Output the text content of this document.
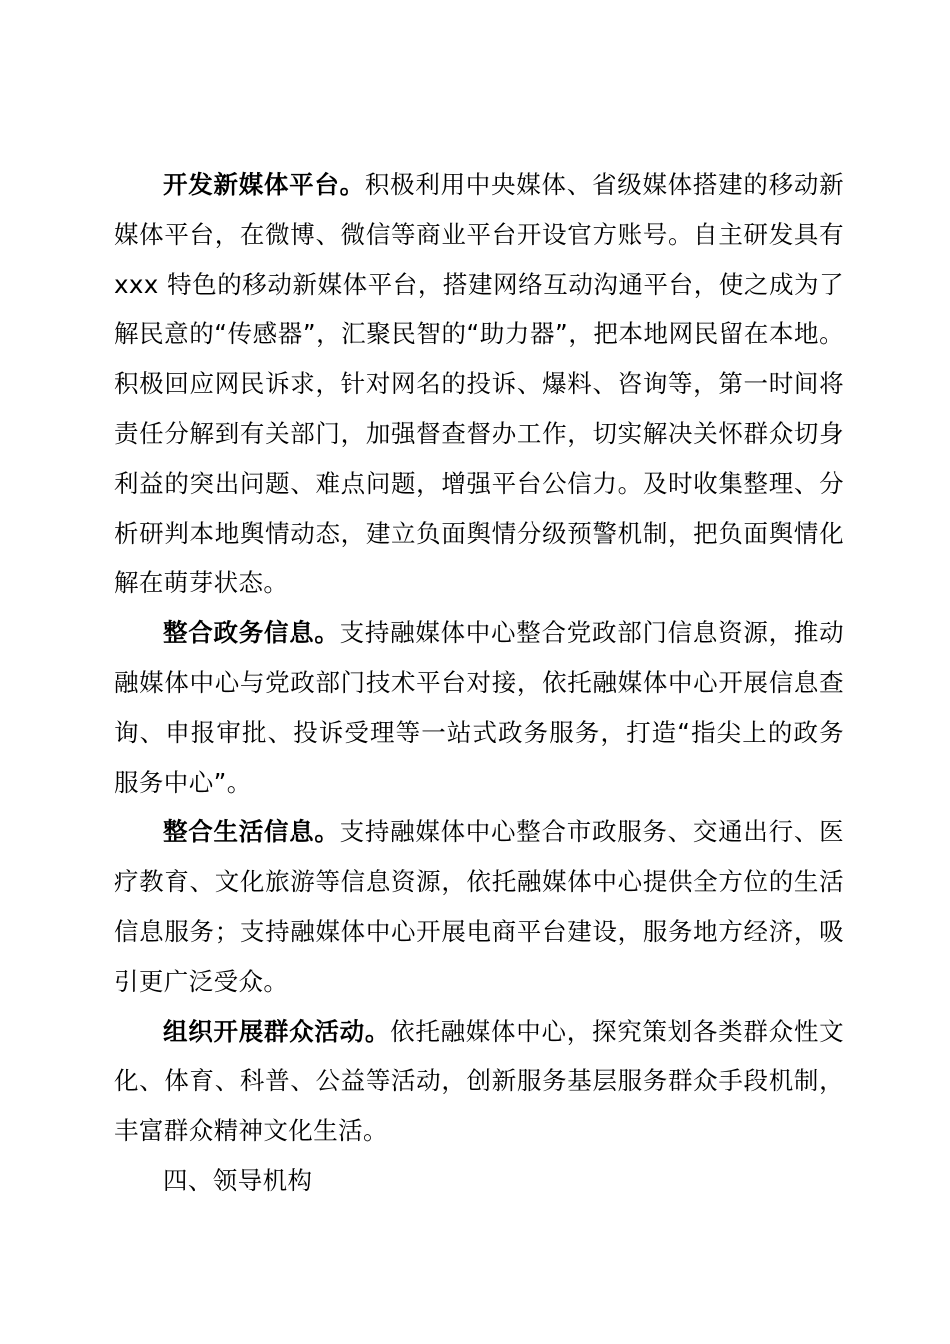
开发新媒体平台。积极利用中央媒体、省级媒体搭建的移动新媒体平台，在微博、微信等商业平台开设官方账号。自主研发具有 xxx 特色的移动新媒体平台，搭建网络互动沟通平台，使之成为了解民意的“传感器”，汇聚民智的“助力器”，把本地网民留在本地。积极回应网民诉求，针对网名的投诉、爆料、咨询等，第一时间将责任分解到有关部门，加强督查督办工作，切实解决关怀群众切身利益的突出问题、难点问题，增强平台公信力。及时收集整理、分析研判本地舆情动态，建立负面舆情分级预警机制，把负面舆情化解在萌芽状态。

整合政务信息。支持融媒体中心整合党政部门信息资源，推动融媒体中心与党政部门技术平台对接，依托融媒体中心开展信息查询、申报审批、投诉受理等一站式政务服务，打造“指尖上的政务服务中心”。

整合生活信息。支持融媒体中心整合市政服务、交通出行、医疗教育、文化旅游等信息资源，依托融媒体中心提供全方位的生活信息服务；支持融媒体中心开展电商平台建设，服务地方经济，吸引更广泛受众。

组织开展群众活动。依托融媒体中心，探究策划各类群众性文化、体育、科普、公益等活动，创新服务基层服务群众手段机制，丰富群众精神文化生活。

四、领导机构
